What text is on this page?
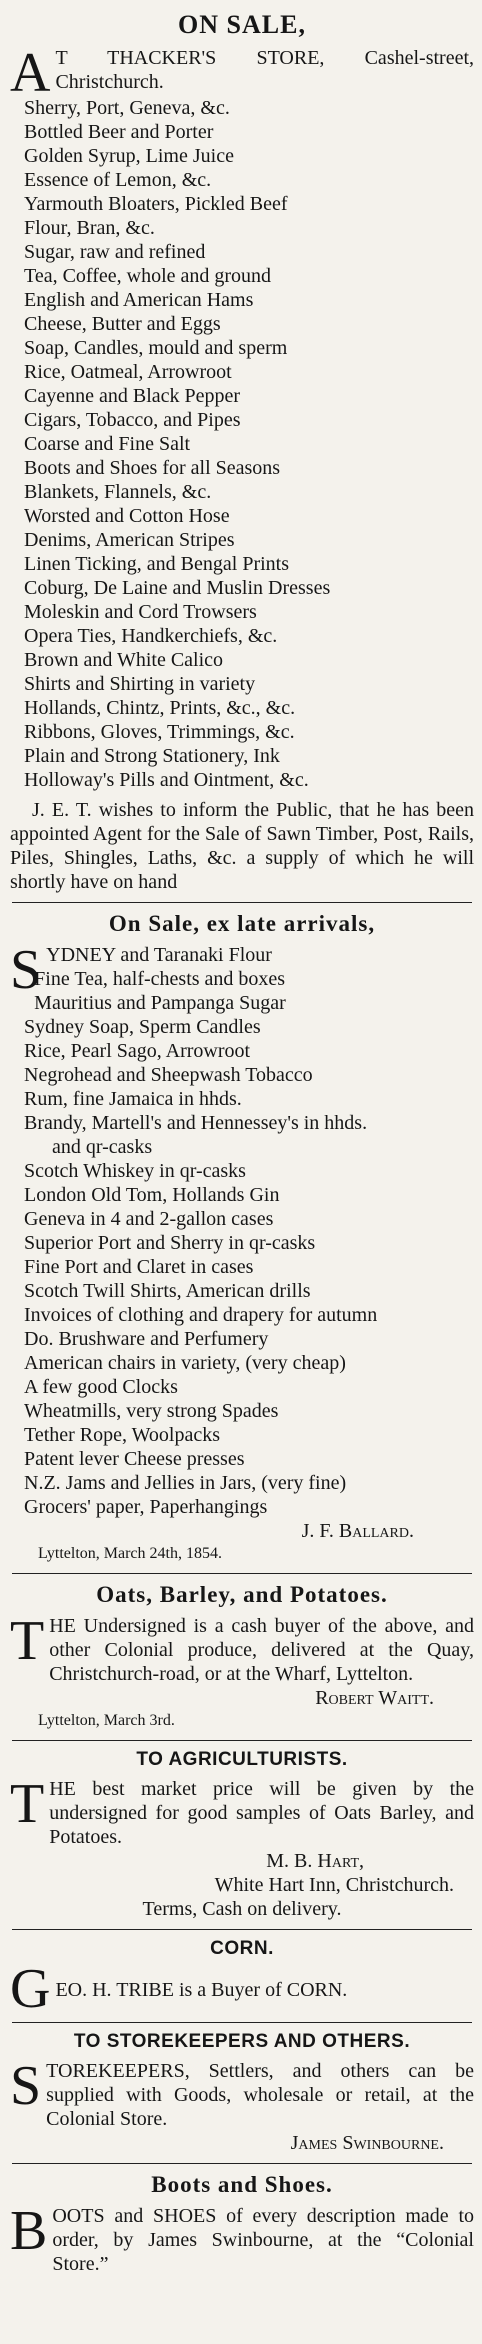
ON SALE,
A T THACKER'S STORE, Cashel-street, Christchurch.
Sherry, Port, Geneva, &c.
Bottled Beer and Porter
Golden Syrup, Lime Juice
Essence of Lemon, &c.
Yarmouth Bloaters, Pickled Beef
Flour, Bran, &c.
Sugar, raw and refined
Tea, Coffee, whole and ground
English and American Hams
Cheese, Butter and Eggs
Soap, Candles, mould and sperm
Rice, Oatmeal, Arrowroot
Cayenne and Black Pepper
Cigars, Tobacco, and Pipes
Coarse and Fine Salt
Boots and Shoes for all Seasons
Blankets, Flannels, &c.
Worsted and Cotton Hose
Denims, American Stripes
Linen Ticking, and Bengal Prints
Coburg, De Laine and Muslin Dresses
Moleskin and Cord Trowsers
Opera Ties, Handkerchiefs, &c.
Brown and White Calico
Shirts and Shirting in variety
Hollands, Chintz, Prints, &c., &c.
Ribbons, Gloves, Trimmings, &c.
Plain and Strong Stationery, Ink
Holloway's Pills and Ointment, &c.
J. E. T. wishes to inform the Public, that he has been appointed Agent for the Sale of Sawn Timber, Post, Rails, Piles, Shingles, Laths, &c. a supply of which he will shortly have on hand
On Sale, ex late arrivals,
S YDNEY and Taranaki Flour
Fine Tea, half-chests and boxes
Mauritius and Pampanga Sugar
Sydney Soap, Sperm Candles
Rice, Pearl Sago, Arrowroot
Negrohead and Sheepwash Tobacco
Rum, fine Jamaica in hhds.
Brandy, Martell's and Hennessey's in hhds.
and qr-casks
Scotch Whiskey in qr-casks
London Old Tom, Hollands Gin
Geneva in 4 and 2-gallon cases
Superior Port and Sherry in qr-casks
Fine Port and Claret in cases
Scotch Twill Shirts, American drills
Invoices of clothing and drapery for autumn
Do. Brushware and Perfumery
American chairs in variety, (very cheap)
A few good Clocks
Wheatmills, very strong Spades
Tether Rope, Woolpacks
Patent lever Cheese presses
N.Z. Jams and Jellies in Jars, (very fine)
Grocers' paper, Paperhangings
J. F. Ballard.
Lyttelton, March 24th, 1854.
Oats, Barley, and Potatoes.
T HE Undersigned is a cash buyer of the above, and other Colonial produce, delivered at the Quay, Christchurch-road, or at the Wharf, Lyttelton.
Robert Waitt.
Lyttelton, March 3rd.
TO AGRICULTURISTS.
T HE best market price will be given by the undersigned for good samples of Oats Barley, and Potatoes.
M. B. Hart,
White Hart Inn, Christchurch.
Terms, Cash on delivery.
CORN.
G EO. H. TRIBE is a Buyer of CORN.
TO STOREKEEPERS AND OTHERS.
S TOREKEEPERS, Settlers, and others can be supplied with Goods, wholesale or retail, at the Colonial Store.
James Swinbourne.
Boots and Shoes.
B OOTS and SHOES of every description made to order, by James Swinbourne, at the “Colonial Store.”
